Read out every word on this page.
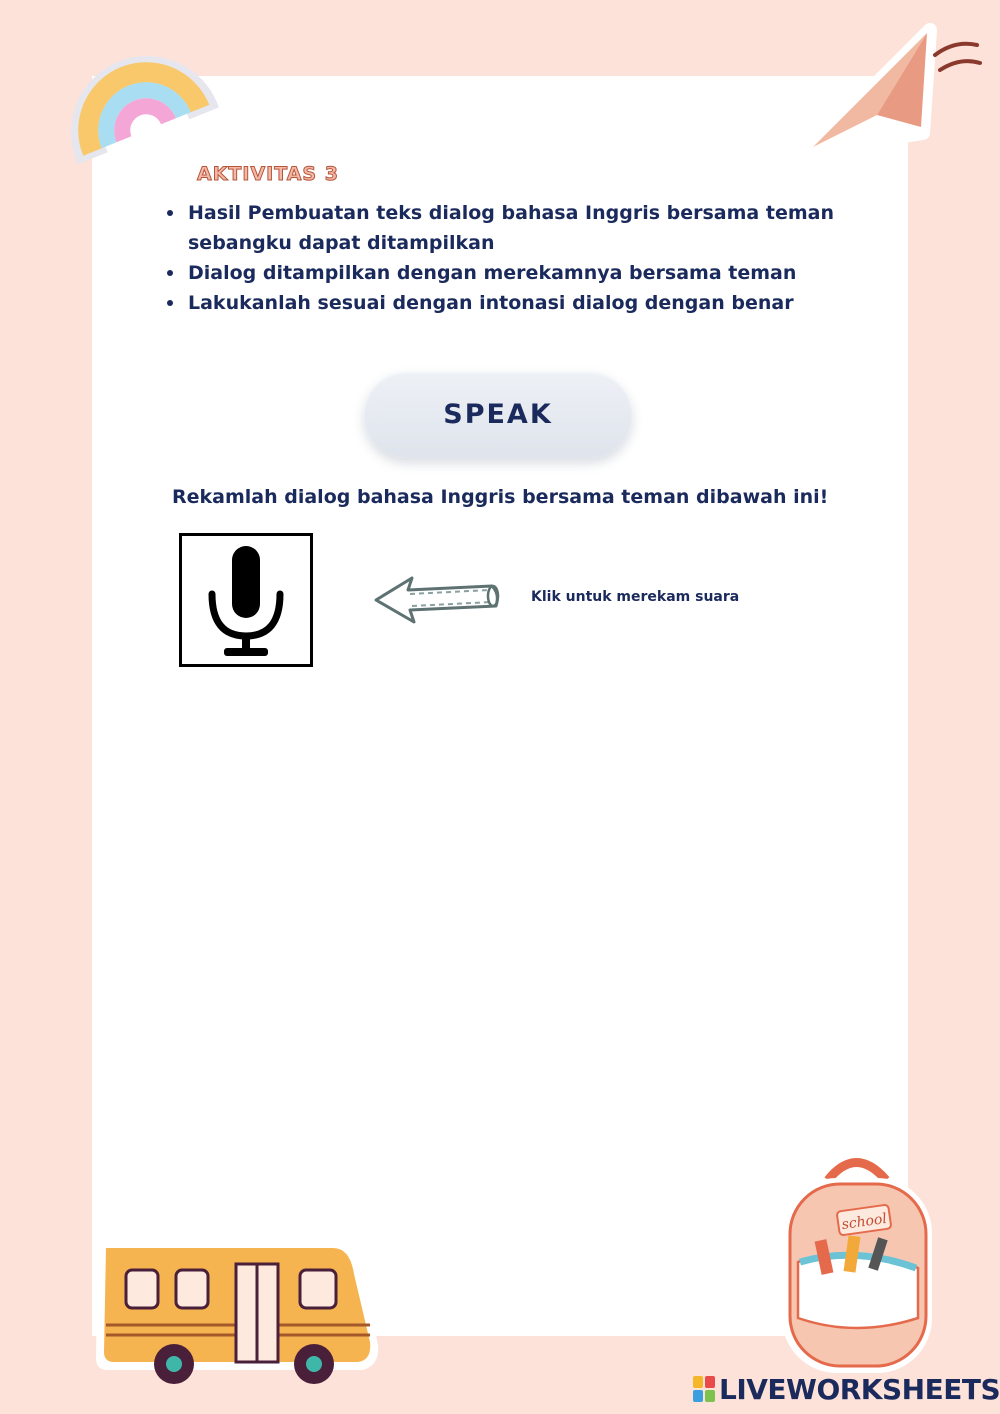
AKTIVITAS 3
Hasil Pembuatan teks dialog bahasa Inggris bersama teman sebangku dapat ditampilkan
Dialog ditampilkan dengan merekamnya bersama teman
Lakukanlah sesuai dengan intonasi dialog dengan benar
SPEAK
Rekamlah dialog bahasa Inggris bersama teman dibawah ini!
Klik untuk merekam suara
school
LIVEWORKSHEETS
